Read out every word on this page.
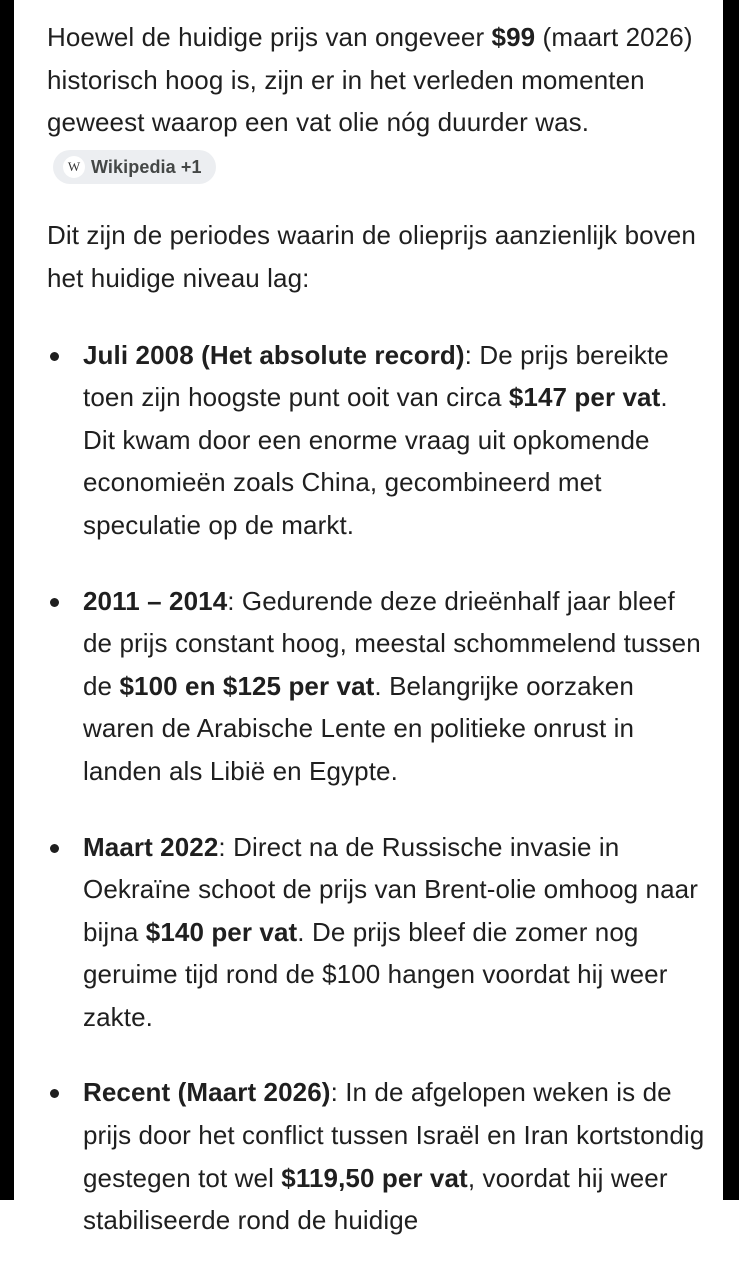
Hoewel de huidige prijs van ongeveer $99 (maart 2026) historisch hoog is, zijn er in het verleden momenten geweest waarop een vat olie nóg duurder was.
W Wikipedia +1

Dit zijn de periodes waarin de olieprijs aanzienlijk boven het huidige niveau lag:

Juli 2008 (Het absolute record): De prijs bereikte toen zijn hoogste punt ooit van circa $147 per vat. Dit kwam door een enorme vraag uit opkomende economieën zoals China, gecombineerd met speculatie op de markt.
2011 – 2014: Gedurende deze drieënhalf jaar bleef de prijs constant hoog, meestal schommelend tussen de $100 en $125 per vat. Belangrijke oorzaken waren de Arabische Lente en politieke onrust in landen als Libië en Egypte.
Maart 2022: Direct na de Russische invasie in Oekraïne schoot de prijs van Brent-olie omhoog naar bijna $140 per vat. De prijs bleef die zomer nog geruime tijd rond de $100 hangen voordat hij weer zakte.
Recent (Maart 2026): In de afgelopen weken is de prijs door het conflict tussen Israël en Iran kortstondig gestegen tot wel $119,50 per vat, voordat hij weer stabiliseerde rond de huidige
